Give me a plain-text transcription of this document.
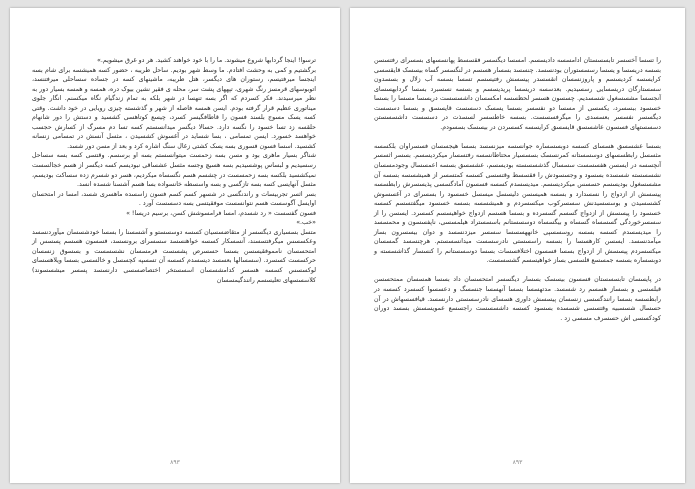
ترسوا! اینجا گردابها شروع میشوند. ما را با خود خواهند کشید. هر دو غرق میشویم.»

برگشتیم و کمی به وحشت افتادم. ما وسط شهر بودیم. ساحل طریبه ، حضور کسه همیشسه برای شام بسه اینجسا میرفتیسم، رستوران های دیگسر، هتل طریبه، ماشینهای کسه در جساده سساحلی میرفتنسد، اتوبوسهای قرمسز رنگ شهری، تپههای پشت سر، محله ی فقیر نشین بیوک دره، همسه و همسه بسیار دور به نظر میرسیدند. فکر کسردم که اگر بسه تنهسا در شهر بلکه به تمام زندگیام نگاه میکسنم. انگار جلوی میناتوری عظیم قرار گرفته بودم. ایسن همسه فاصله از شهر و گذشسته چیزی رویایی در خود داشت. وقتی کسه یسک مسوج بلسند فسون را قاطافگیسر کسرد، چیسع کوتاهسی کشسید و دستش را دور شانهام حلقسه زد تسا خسود را نگسه دارد. حسالا دیگسر میدانسستم کسه تسا دم مسرگ از کسارش حجسب خواهسد خسورد. ایسن تمسامی ، بسا شساید در آغسوش کشسیدن ، مثسل آنسش در تمسامی زنسانه کشسید. اسسا فسون فسوری بسه یسک کشتی زغال سنگ اشاره کرد و بعد از مسن دور شسد.

شناگر بسیار ماهری بود و مسن بسه زحمست میتوانسستم بسه او برسسم. وقتسی کسه بسه سساحل رسسیدیم و لبساس پوشسیدیم بسه هسیچ وجسه مثسل عشساقی نبودیسم کسه دیگسر از هسم خجالسست نمیکشسید بلکسه بسه زحمسست در چشسم هسم نگسساه میکردیم، هسر دو شسرم زده سساکت بودیسم، مثسل آنهایسی کسه بسه تازگسی و بسه واسسطه خانسواده بسا هسم آشسنا شسده انسد.

بسر اثسر تجربیسات و راندنگسی در شسهر کسم کسم فسون زاسسده ماهسری شسد، امسا در امتحسان اوایسل آگوسست هسم نتوانسست موفقیتسی بسه دسسست آورد .

فسون گفسست « رد شسدم، امسا فرامسوشش کسن، برسیم دریسا! »

«خب.»

متسل بسسیاری دیگسسر از متقاضسسیان کسسه دوسسستو و آشسسنا را بسسا خودشسسان میآوردنسسد وعکسسس میگرفتسسند، آنسسکار کسسه خواهنسسد سسسرای برونسسد، فسسون هسسم پسسس از امتحسسان نامموفقیسسن بسسا حسسرص پشسست فرمسسان نشسسست و بسسوق زنسسان حرکسست کسسرد. (سسسالها بعسسد دیسسدم کسسه آن تسسپه کچسسل و خالسسی بسسا ویلاهسسای لوکسسس کسسه هسسر کدامشسسان اسسستخر اختصاصسسی دارنسسد پسسر میشسسوند) کلاسسسهای تعلیسسم رانندگیمسسان

۸۹۳

را تسسا آخسسر تابسسستان ادامسسه دادیسسم. امسسا دیگسسر فقسسط پهانسسهای بسسرای رفتسسن بسسه دریسسا و یسسا رسسستوران بودنسسد. چنسسد بسسار هسسم در لنگسسر گساه بیسسک قایقسسی کرایسسه کردیسسم و پاروزنسسان انقسسدر پیسسش رفتیسسم تسسا بسسه آب زلال و بسسدون سسستارگان دریسسایی رسسیدیم. بعدسسه دریسسا پریدیسسم و بسسه نسسبرد بسسا گردابهسسای آنجسسا مشسسغول شسسدیم. چسسون هسسر لحظسسه امکسسان داشسسست دریسسا مسسا را بسسا خسسود ببسسرد، یکسسی از مسسا دو نفسسر بسسا یسسک دسسست قایسسق و بسسا دسسست دیگسسر نفسسر بعسسدی را میگرفسسست. بسسه خاطسسر لسسذت در دسسست داشسسستن دسسستهای فسسون عاشسسق قایسسق کرایسسه کسسردن در بیسسک بسسودم.

بسسا عشسسق هسسای کسسه دوبسسساره جوانسسه میزنسسد بسسا هیجسسان فسسراوان بلکسسه مثسسل رابطسسهای دوسسستانه کمرنسسک بسسسیار محتاطانسسه رفتسسار میکردیسسم. بسسر اثسسر آنچسسه در ایسسن هفسسست سسسال گذشسسسته بودیسسم، عشسسق بسسه اعمسسال وجودمسسان نشسسسته شسسده بسسود و وجسسودش را فقسسط وقتسسی کسسه کمتسسر از همیشسسه بسسه آن مشسسغول بودیسسم حسسس میکردیسسم. میدیسسدم کسسه فسسون آمادگسسی پذیسسرش رابطسسه پیسسش از ازدواج را نسسدارد و بسسه همیسسن دلیسسل میسسل خسسود را بسسرای در آغسسوش کشسسیدن و بوسسسیدنش سسسرکوب میکسسردم و همیشسسه بسسه خسسود میگفتسسم کسسه خسسود را پیسسش از ازدواج گسسم گسسرده و بسسا هسسم ازدواج خواهیسسم کسسرد. ایسسن را از سسسرخوردگی گسسساه گسساه و بیگسساه دوسسستانم باسسستراد هیلمسسی، ناپفسسون و محمسسد را میدیسسدم کسسه بسسه روسسسپی خانههسسسا سسسر میزدنسسد و دوان بیسسرون بساز میآمدنسسد. ایسسن کارهسسا را بسسه راسسستی نادرسسست میدانسسستم. هرچنسسد گمسسان میکسسردم پیسسش از ازدواج بسسا فسسون اختلافسسات بسسا دوسسستانم را کنسسار گذاشسسته و دوبسساره بسسه جمسسع قلسسی بساز خواهیسسم گشسسست.

در پایسسان تابسسستان فسسون بیسسک بسسار دیگسسر امتحسسان داد بسسا همسسان ممتحسسن قبلسسی و بسساز هسسم رد شسسد. مدتهسسا بسسا آنهسسا جنسسگ و دعسسوا کسسرد کسسه در رابطسسه بسسا رانندگسسی زنسسان پیسسش داوری هسسای نادرسسستی دارنسسد. قیافسسهاش در آن حسسال شسسبیه وقتسسی شسسده بسسود کسسه داشسسست راجسسع عمویسسش بسسد دوران کودکسسی اش حسسرف مسسی زد .

۸۹۳
